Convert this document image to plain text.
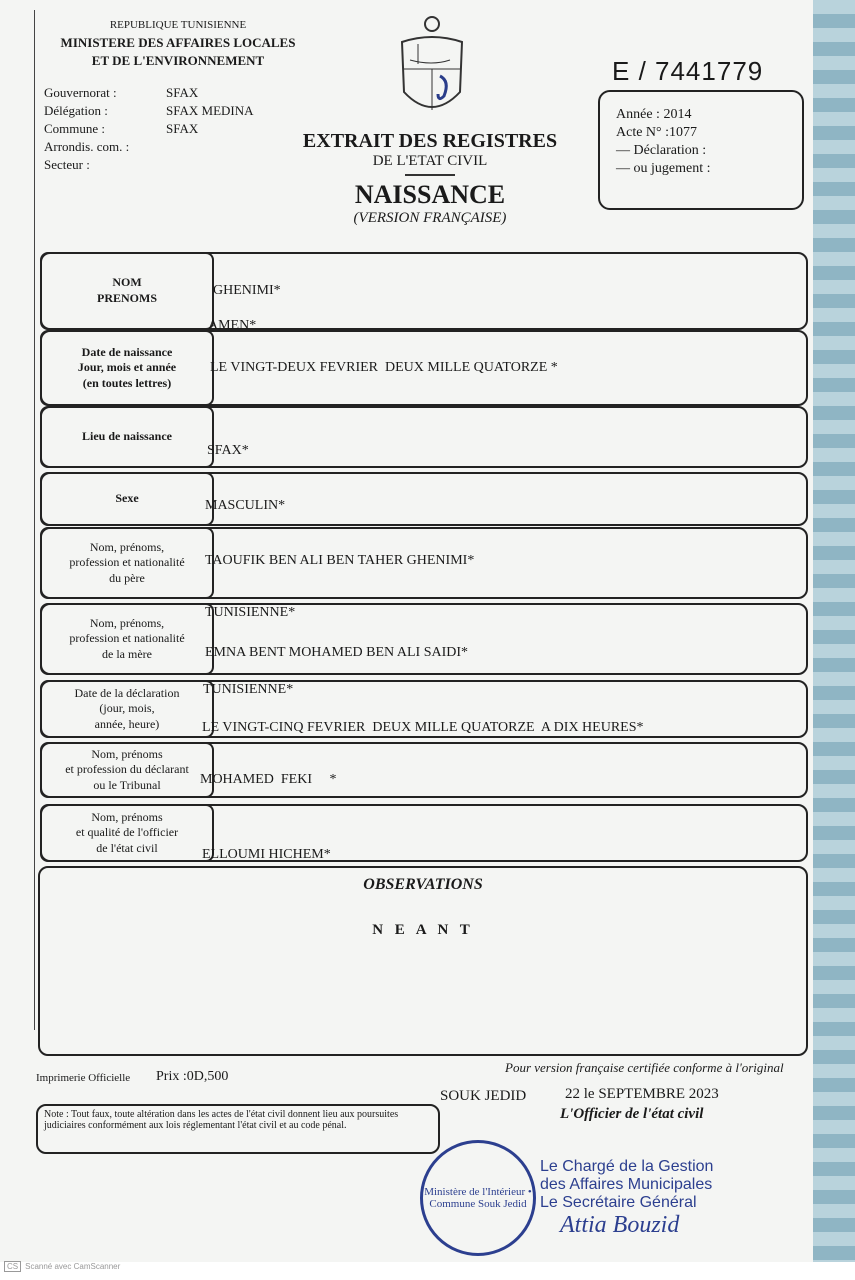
REPUBLIQUE TUNISIENNE
MINISTERE DES AFFAIRES LOCALES
ET DE L'ENVIRONNEMENT
Gouvernorat :	SFAX
Délégation :	SFAX MEDINA
Commune :	SFAX
Arrondis. com. :
Secteur :
EXTRAIT DES REGISTRES
DE L'ETAT CIVIL
NAISSANCE
(VERSION FRANÇAISE)
E / 7441779
Année : 2014
Acte N° :1077
— Déclaration :
— ou jugement :
NOM
PRENOMS	GHENIMI*
AMEN*
Date de naissance
Jour, mois et année
(en toutes lettres)
LE VINGT-DEUX FEVRIER  DEUX MILLE QUATORZE *
Lieu de naissance
SFAX*
Sexe	MASCULIN*
Nom, prénoms,
profession et nationalité
du père
TAOUFIK BEN ALI BEN TAHER GHENIMI*
TUNISIENNE*
Nom, prénoms,
profession et nationalité
de la mère	EMNA BENT MOHAMED BEN ALI SAIDI*
TUNISIENNE*
Date de la déclaration
(jour, mois,
année, heure)	LE VINGT-CINQ FEVRIER  DEUX MILLE QUATORZE  A DIX HEURES*
Nom, prénoms
et profession du déclarant
ou le Tribunal	MOHAMED  FEKI     *
Nom, prénoms
et qualité de l'officier
de l'état civil	ELLOUMI HICHEM*
OBSERVATIONS
N E A N T
Imprimerie Officielle Prix :0D,500
Pour version française certifiée conforme à l'original
SOUK JEDID	22 le SEPTEMBRE 2023
L'Officier de l'état civil
Note : Tout faux, toute altération dans les actes de l'état civil donnent lieu aux poursuites judiciaires conformément aux lois réglementant l'état civil et au code pénal.
Ministère de l'Intérieur • Commune Souk Jedid
Le Chargé de la Gestion
des Affaires Municipales
Le Secrétaire Général
Attia Bouzid
CS Scanné avec CamScanner
